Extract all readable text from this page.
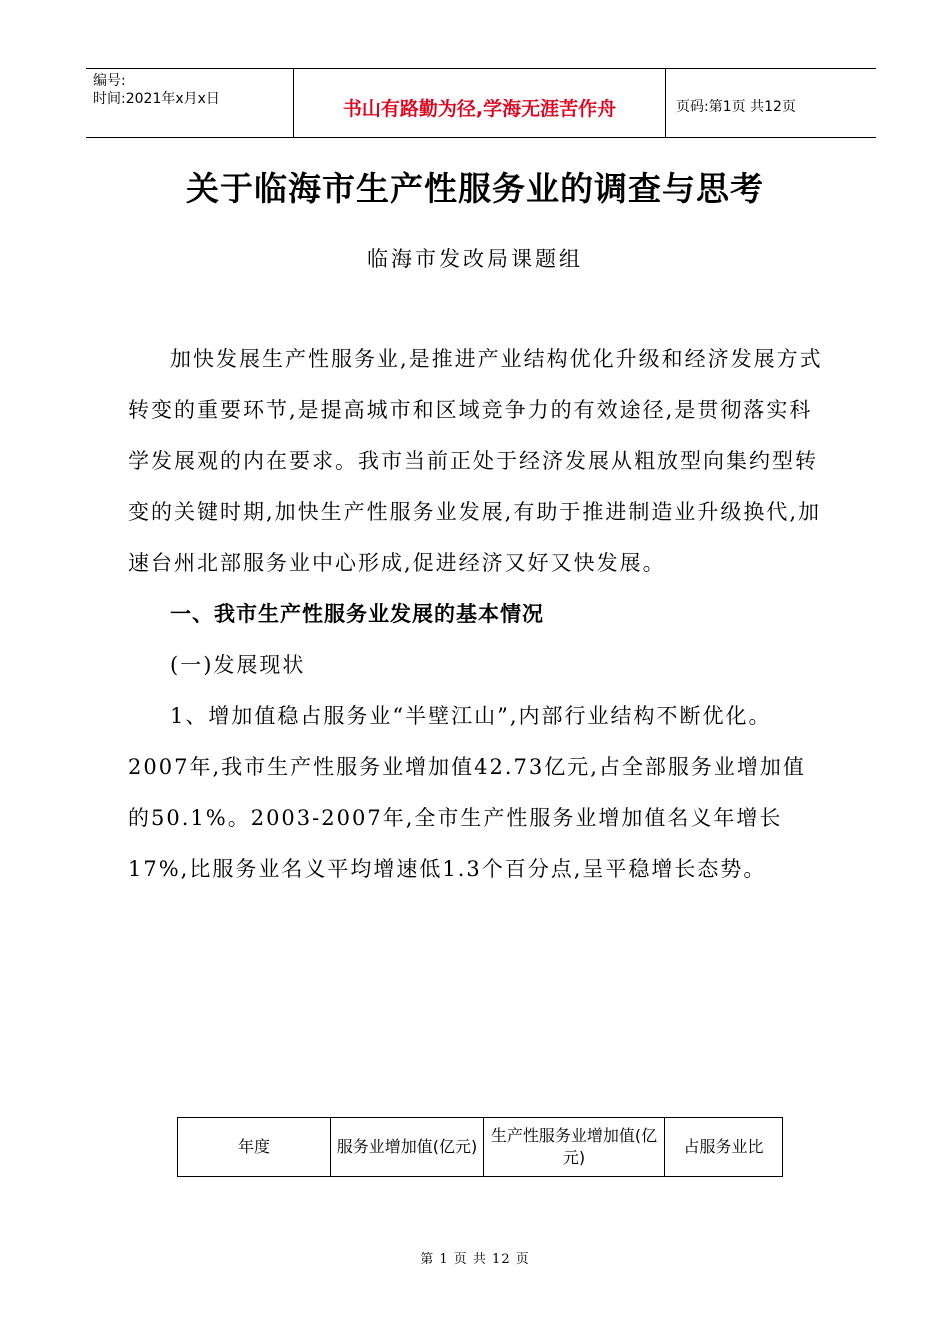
编号:
时间:2021年x月x日	书山有路勤为径,学海无涯苦作舟	页码:第1页 共12页
关于临海市生产性服务业的调查与思考
临海市发改局课题组

加快发展生产性服务业,是推进产业结构优化升级和经济发展方式转变的重要环节,是提高城市和区域竞争力的有效途径,是贯彻落实科学发展观的内在要求。我市当前正处于经济发展从粗放型向集约型转变的关键时期,加快生产性服务业发展,有助于推进制造业升级换代,加速台州北部服务业中心形成,促进经济又好又快发展。

一、我市生产性服务业发展的基本情况

(一)发展现状

1、增加值稳占服务业“半壁江山”,内部行业结构不断优化。2007年,我市生产性服务业增加值42.73亿元,占全部服务业增加值的50.1%。2003-2007年,全市生产性服务业增加值名义年增长17%,比服务业名义平均增速低1.3个百分点,呈平稳增长态势。

年度	服务业增加值(亿元)	生产性服务业增加值(亿元)	占服务业比
第 1 页 共 12 页
